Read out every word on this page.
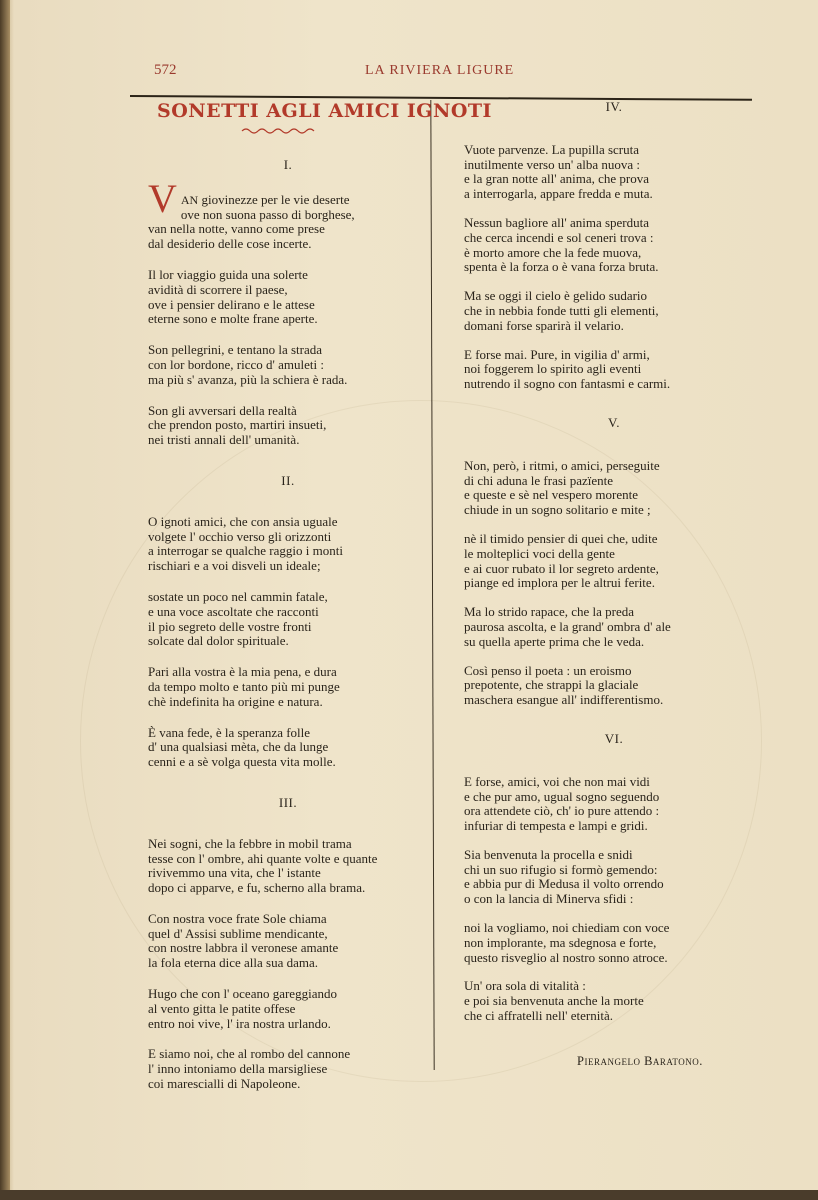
572	LA RIVIERA LIGURE
SONETTI AGLI AMICI IGNOTI

I.

V AN giovinezze per le vie deserte
ove non suona passo di borghese,
van nella notte, vanno come prese
dal desiderio delle cose incerte.
Il lor viaggio guida una solerte
avidità di scorrere il paese,
ove i pensier delirano e le attese
eterne sono e molte frane aperte.
Son pellegrini, e tentano la strada
con lor bordone, ricco d' amuleti :
ma più s' avanza, più la schiera è rada.
Son gli avversari della realtà
che prendon posto, martiri insueti,
nei tristi annali dell' umanità.

II.

O ignoti amici, che con ansia uguale
volgete l' occhio verso gli orizzonti
a interrogar se qualche raggio i monti
rischiari e a voi disveli un ideale;
sostate un poco nel cammin fatale,
e una voce ascoltate che racconti
il pio segreto delle vostre fronti
solcate dal dolor spirituale.
Pari alla vostra è la mia pena, e dura
da tempo molto e tanto più mi punge
chè indefinita ha origine e natura.
È vana fede, è la speranza folle
d' una qualsiasi mèta, che da lunge
cenni e a sè volga questa vita molle.

III.

Nei sogni, che la febbre in mobil trama
tesse con l' ombre, ahi quante volte e quante
rivivemmo una vita, che l' istante
dopo ci apparve, e fu, scherno alla brama.
Con nostra voce frate Sole chiama
quel d' Assisi sublime mendicante,
con nostre labbra il veronese amante
la fola eterna dice alla sua dama.
Hugo che con l' oceano gareggiando
al vento gitta le patite offese
entro noi vive, l' ira nostra urlando.
E siamo noi, che al rombo del cannone
l' inno intoniamo della marsigliese
coi marescialli di Napoleone.

IV.

Vuote parvenze. La pupilla scruta
inutilmente verso un' alba nuova :
e la gran notte all' anima, che prova
a interrogarla, appare fredda e muta.
Nessun bagliore all' anima sperduta
che cerca incendi e sol ceneri trova :
è morto amore che la fede muova,
spenta è la forza o è vana forza bruta.
Ma se oggi il cielo è gelido sudario
che in nebbia fonde tutti gli elementi,
domani forse sparirà il velario.
E forse mai. Pure, in vigilia d' armi,
noi foggerem lo spirito agli eventi
nutrendo il sogno con fantasmi e carmi.

V.

Non, però, i ritmi, o amici, perseguite
di chi aduna le frasi pazïente
e queste e sè nel vespero morente
chiude in un sogno solitario e mite ;
nè il timido pensier di quei che, udite
le molteplici voci della gente
e ai cuor rubato il lor segreto ardente,
piange ed implora per le altrui ferite.
Ma lo strido rapace, che la preda
paurosa ascolta, e la grand' ombra d' ale
su quella aperte prima che le veda.
Così penso il poeta : un eroismo
prepotente, che strappi la glaciale
maschera esangue all' indifferentismo.

VI.

E forse, amici, voi che non mai vidi
e che pur amo, ugual sogno seguendo
ora attendete ciò, ch' io pure attendo :
infuriar di tempesta e lampi e gridi.
Sia benvenuta la procella e snidi
chi un suo rifugio si formò gemendo:
e abbia pur di Medusa il volto orrendo
o con la lancia di Minerva sfidi :
noi la vogliamo, noi chiediam con voce
non implorante, ma sdegnosa e forte,
questo risveglio al nostro sonno atroce.
Un' ora sola di vitalità :
e poi sia benvenuta anche la morte
che ci affratelli nell' eternità.
Pierangelo Baratono.
